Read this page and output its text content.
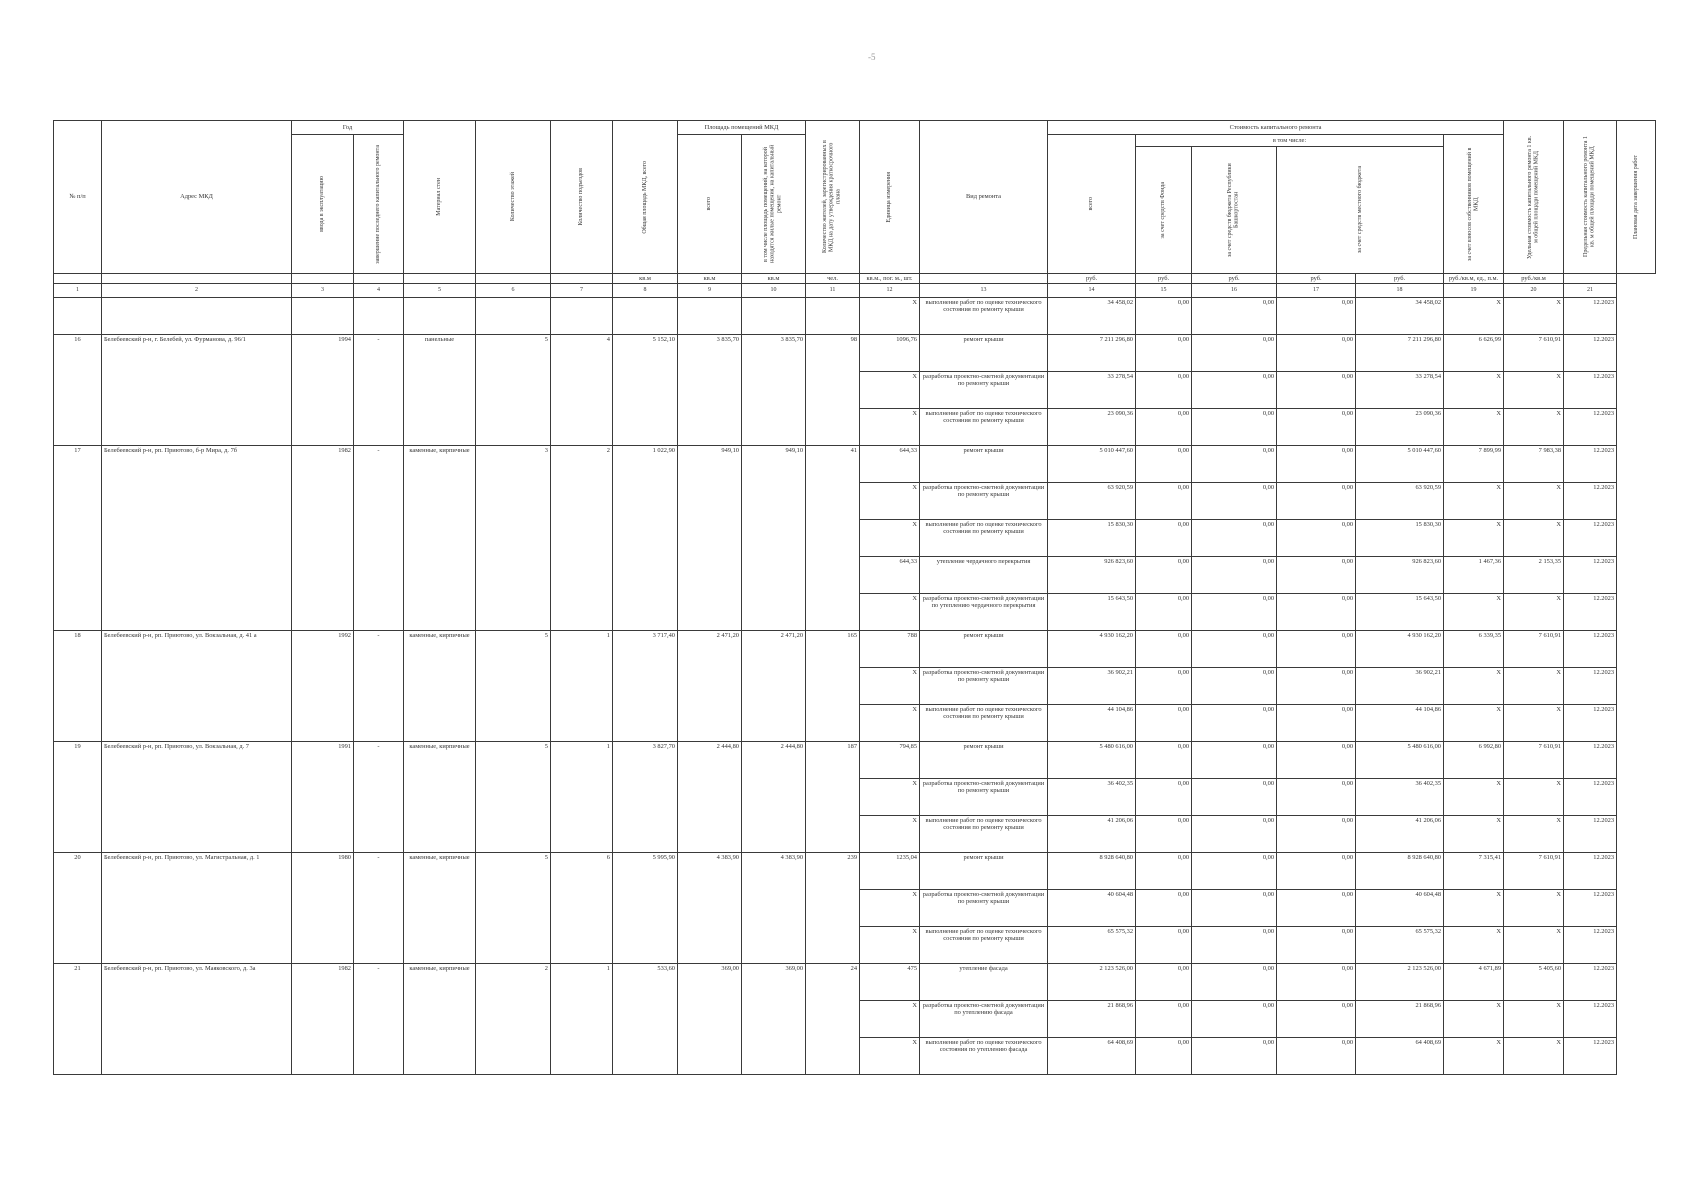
-5
№ п/п	Адрес МКД	Год		Материал стен	Количество этажей	Количество подъездов	Общая площадь МКД, всего	Площадь помещений МКД		Количество жителей, зарегистрированных в МКД на дату утверждения краткосрочного плана	Единица измерения	Вид ремонта	Стоимость капитального ремонта						Удельная стоимость капитального ремонта 1 кв. м общей площади помещений МКД	Предельная стоимость капитального ремонта 1 кв. м общей площади помещений МКД	Плановая дата завершения работ

		ввода в эксплуатацию	завершение последнего капитального ремонта					всего	в том числе площадь помещений, на которой находятся жилые помещения, на капитальный ремонт				всего	в том числе:				за счет взносов собственников помещений в МКД			

														за счет средств Фонда	за счет средств бюджета Республики Башкортостан	за счет средств местного бюджета					

							кв.м	кв.м	кв.м	чел.	кв.м., пог. м., шт.		руб.	руб.	руб.	руб.	руб.	руб./кв.м, ед., п.м.	руб./кв.м		
1	2	3	4	5	6	7	8	9	10	11	12	13	14	15	16	17	18	19	20	21	
											X	выполнение работ по оценке технического состояния по ремонту крыши	34 458,02	0,00	0,00	0,00	34 458,02	X	X	12.2023	
16	Белебеевский р-н, г. Белебей, ул. Фурманова, д. 96/1	1994	-	панельные	5	4	5 152,10	3 835,70	3 835,70	98	1096,76	ремонт крыши	7 211 296,80	0,00	0,00	0,00	7 211 296,80	6 626,99	7 610,91	12.2023	
											X	разработка проектно-сметной документации по ремонту крыши	33 278,54	0,00	0,00	0,00	33 278,54	X	X	12.2023	
											X	выполнение работ по оценке технического состояния по ремонту крыши	23 090,36	0,00	0,00	0,00	23 090,36	X	X	12.2023	
17	Белебеевский р-н, рп. Приютово, б-р Мира, д. 7б	1982	-	каменные, кирпичные	3	2	1 022,90	949,10	949,10	41	644,33	ремонт крыши	5 010 447,60	0,00	0,00	0,00	5 010 447,60	7 899,99	7 983,38	12.2023	
											X	разработка проектно-сметной документации по ремонту крыши	63 920,59	0,00	0,00	0,00	63 920,59	X	X	12.2023	
											X	выполнение работ по оценке технического состояния по ремонту крыши	15 830,30	0,00	0,00	0,00	15 830,30	X	X	12.2023	
											644,33	утепление чердачного перекрытия	926 823,60	0,00	0,00	0,00	926 823,60	1 467,36	2 153,35	12.2023	
											X	разработка проектно-сметной документации по утеплению чердачного перекрытия	15 643,50	0,00	0,00	0,00	15 643,50	X	X	12.2023	
18	Белебеевский р-н, рп. Приютово, ул. Вокзальная, д. 41 а	1992	-	каменные, кирпичные	5	1	3 717,40	2 471,20	2 471,20	165	788	ремонт крыши	4 930 162,20	0,00	0,00	0,00	4 930 162,20	6 339,35	7 610,91	12.2023	
											X	разработка проектно-сметной документации по ремонту крыши	36 902,21	0,00	0,00	0,00	36 902,21	X	X	12.2023	
											X	выполнение работ по оценке технического состояния по ремонту крыши	44 104,86	0,00	0,00	0,00	44 104,86	X	X	12.2023	
19	Белебеевский р-н, рп. Приютово, ул. Вокзальная, д. 7	1991	-	каменные, кирпичные	5	1	3 827,70	2 444,80	2 444,80	187	794,85	ремонт крыши	5 480 616,00	0,00	0,00	0,00	5 480 616,00	6 992,80	7 610,91	12.2023	
											X	разработка проектно-сметной документации по ремонту крыши	36 402,35	0,00	0,00	0,00	36 402,35	X	X	12.2023	
											X	выполнение работ по оценке технического состояния по ремонту крыши	41 206,06	0,00	0,00	0,00	41 206,06	X	X	12.2023	
20	Белебеевский р-н, рп. Приютово, ул. Магистральная, д. 1	1980	-	каменные, кирпичные	5	6	5 995,90	4 383,90	4 383,90	239	1235,04	ремонт крыши	8 928 640,80	0,00	0,00	0,00	8 928 640,80	7 315,41	7 610,91	12.2023	
											X	разработка проектно-сметной документации по ремонту крыши	40 604,48	0,00	0,00	0,00	40 604,48	X	X	12.2023	
											X	выполнение работ по оценке технического состояния по ремонту крыши	65 575,32	0,00	0,00	0,00	65 575,32	X	X	12.2023	
21	Белебеевский р-н, рп. Приютово, ул. Маяковского, д. 3а	1982	-	каменные, кирпичные	2	1	533,60	369,00	369,00	24	475	утепление фасада	2 123 526,00	0,00	0,00	0,00	2 123 526,00	4 671,89	5 405,60	12.2023	
											X	разработка проектно-сметной документации по утеплению фасада	21 868,96	0,00	0,00	0,00	21 868,96	X	X	12.2023	
											X	выполнение работ по оценке технического состояния по утеплению фасада	64 408,69	0,00	0,00	0,00	64 408,69	X	X	12.2023	
